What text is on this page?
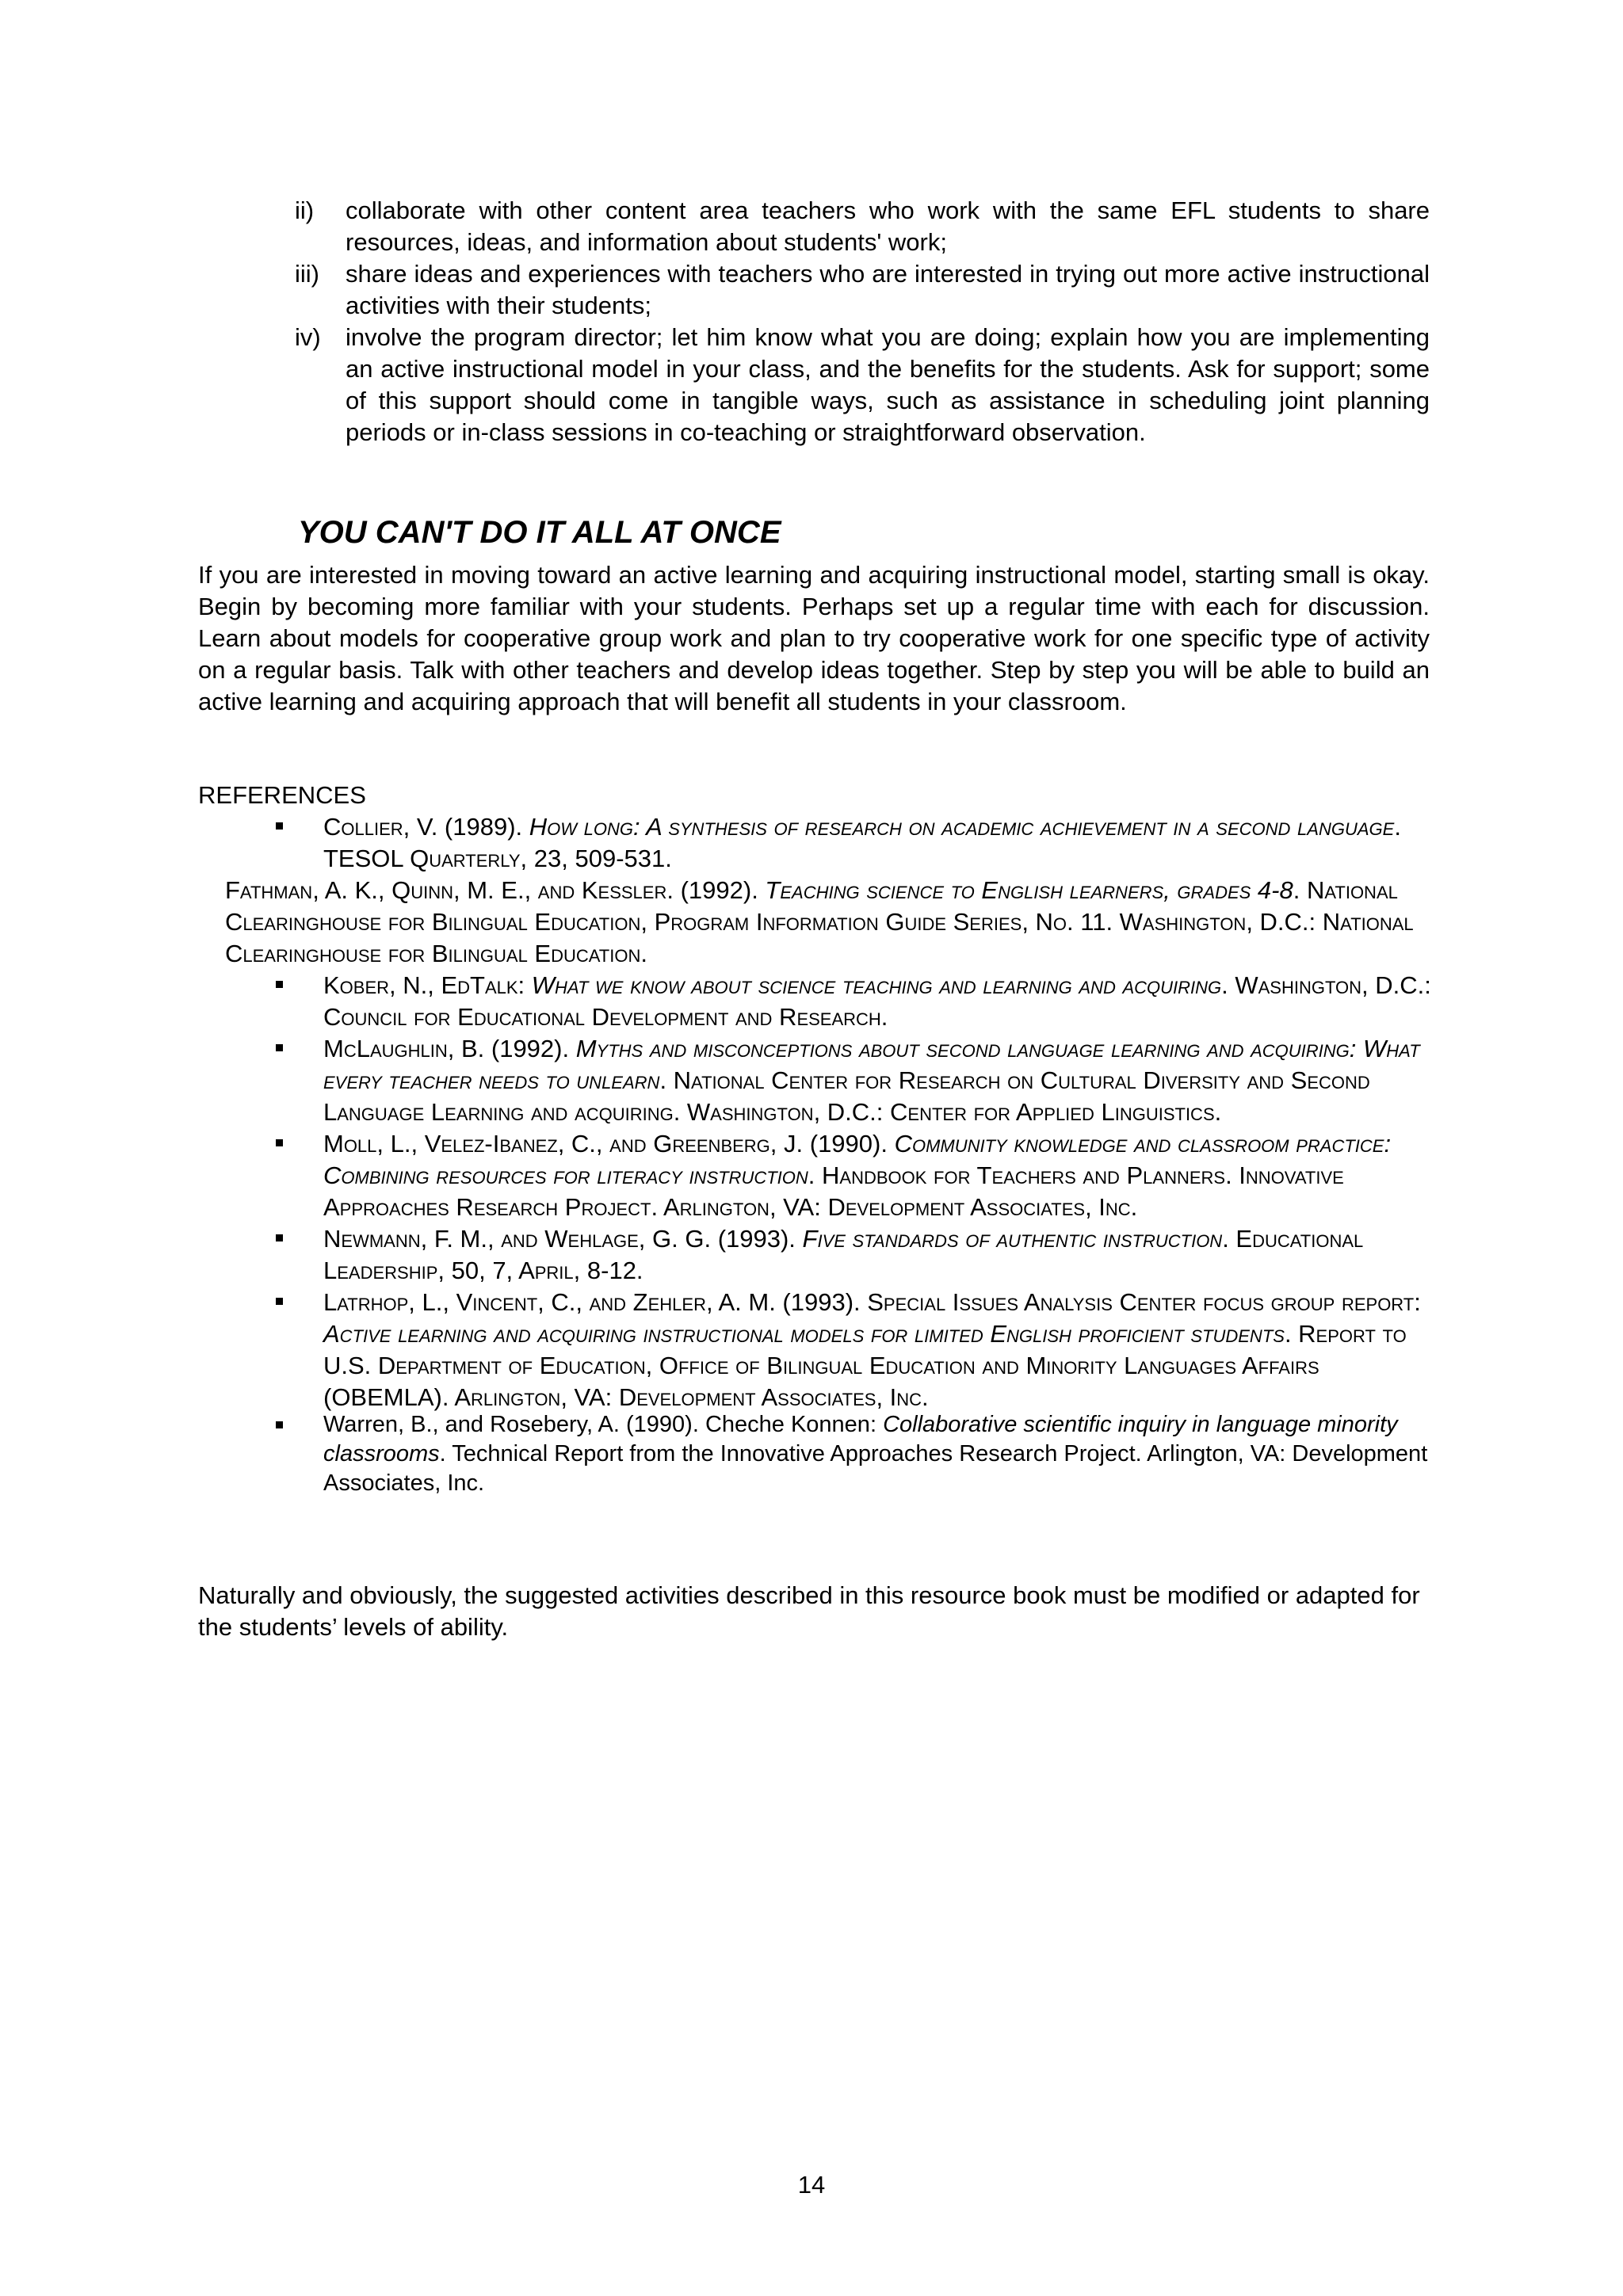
ii)	collaborate with other content area teachers who work with the same EFL students to share resources, ideas, and information about students' work;
iii)	share ideas and experiences with teachers who are interested in trying out more active instructional activities with their students;
iv)	involve the program director; let him know what you are doing; explain how you are implementing an active instructional model in your class, and the benefits for the students. Ask for support; some of this support should come in tangible ways, such as assistance in scheduling joint planning periods or in-class sessions in co-teaching or straightforward observation.
YOU CAN'T DO IT ALL AT ONCE

If you are interested in moving toward an active learning and acquiring instructional model, starting small is okay. Begin by becoming more familiar with your students. Perhaps set up a regular time with each for discussion. Learn about models for cooperative group work and plan to try cooperative work for one specific type of activity on a regular basis. Talk with other teachers and develop ideas together. Step by step you will be able to build an active learning and acquiring approach that will benefit all students in your classroom.

REFERENCES

Collier, V. (1989). How long: A synthesis of research on academic achievement in a second language. TESOL Quarterly, 23, 509-531.
Fathman, A. K., Quinn, M. E., and Kessler. (1992). Teaching science to English learners, grades 4-8. National Clearinghouse for Bilingual Education, Program Information Guide Series, No. 11. Washington, D.C.: National Clearinghouse for Bilingual Education.
Kober, N., EdTalk: What we know about science teaching and learning and acquiring. Washington, D.C.: Council for Educational Development and Research.
McLaughlin, B. (1992). Myths and misconceptions about second language learning and acquiring: What every teacher needs to unlearn. National Center for Research on Cultural Diversity and Second Language Learning and acquiring. Washington, D.C.: Center for Applied Linguistics.
Moll, L., Velez-Ibanez, C., and Greenberg, J. (1990). Community knowledge and classroom practice: Combining resources for literacy instruction. Handbook for Teachers and Planners. Innovative Approaches Research Project. Arlington, VA: Development Associates, Inc.
Newmann, F. M., and Wehlage, G. G. (1993). Five standards of authentic instruction. Educational Leadership, 50, 7, April, 8-12.
Latrhop, L., Vincent, C., and Zehler, A. M. (1993). Special Issues Analysis Center focus group report: Active learning and acquiring instructional models for limited English proficient students. Report to U.S. Department of Education, Office of Bilingual Education and Minority Languages Affairs (OBEMLA). Arlington, VA: Development Associates, Inc.
Warren, B., and Rosebery, A. (1990). Cheche Konnen: Collaborative scientific inquiry in language minority classrooms. Technical Report from the Innovative Approaches Research Project. Arlington, VA: Development Associates, Inc.

Naturally and obviously, the suggested activities described in this resource book must be modified or adapted for the students’ levels of ability.

14
